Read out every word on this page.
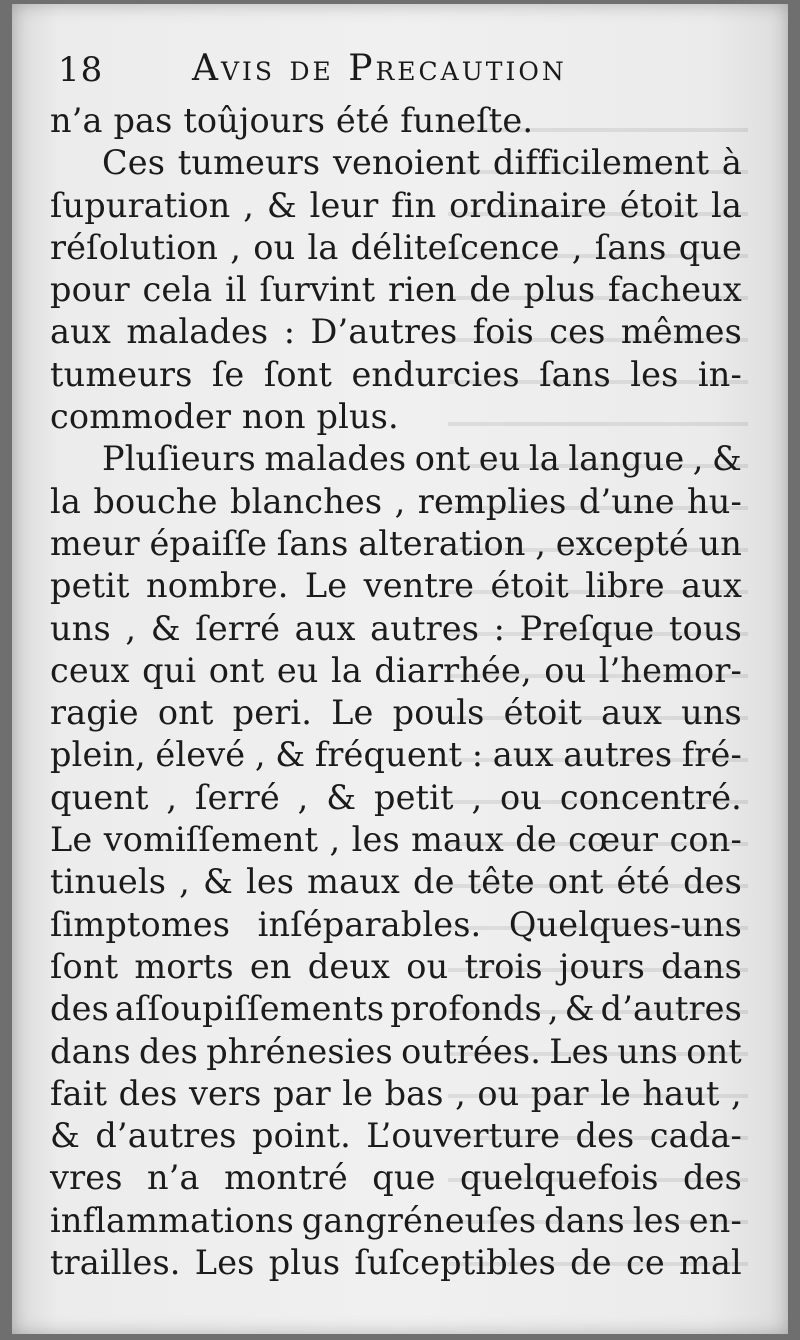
18 Avis de Precaution
n’a pas toûjours été funeſte.
Ces tumeurs venoient difficilement à
ſupuration , & leur fin ordinaire étoit la
réſolution , ou la déliteſcence , ſans que
pour cela il ſurvint rien de plus facheux
aux malades : D’autres fois ces mêmes
tumeurs ſe ſont endurcies ſans les in-
commoder non plus.
Pluſieurs malades ont eu la langue , &
la bouche blanches , remplies d’une hu-
meur épaiſſe ſans alteration , excepté un
petit nombre. Le ventre étoit libre aux
uns , & ſerré aux autres : Preſque tous
ceux qui ont eu la diarrhée, ou l’hemor-
ragie ont peri. Le pouls étoit aux uns
plein, élevé , & fréquent : aux autres fré-
quent , ſerré , & petit , ou concentré.
Le vomiſſement , les maux de cœur con-
tinuels , & les maux de tête ont été des
ſimptomes inſéparables. Quelques-uns
ſont morts en deux ou trois jours dans
des aſſoupiſſements profonds , & d’autres
dans des phrénesies outrées. Les uns ont
fait des vers par le bas , ou par le haut ,
& d’autres point. L’ouverture des cada-
vres n’a montré que quelquefois des
inflammations gangréneuſes dans les en-
trailles. Les plus ſuſceptibles de ce mal
